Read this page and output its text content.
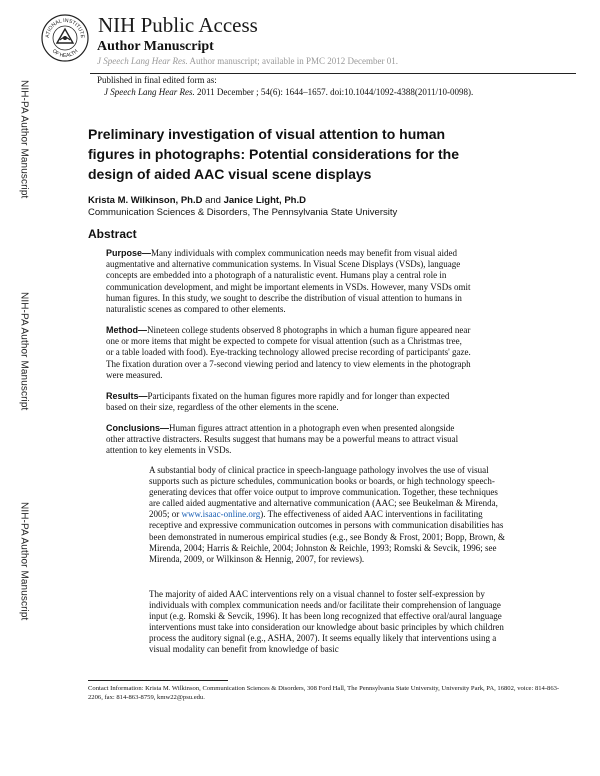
ATIONAL INSTITUTE
OF HEALTH
NIH Public Access
Author Manuscript
J Speech Lang Hear Res. Author manuscript; available in PMC 2012 December 01.
Published in final edited form as:
J Speech Lang Hear Res. 2011 December ; 54(6): 1644–1657. doi:10.1044/1092-4388(2011/10-0098).
NIH-PA Author Manuscript
NIH-PA Author Manuscript
NIH-PA Author Manuscript
Preliminary investigation of visual attention to human figures in photographs: Potential considerations for the design of aided AAC visual scene displays
Krista M. Wilkinson, Ph.D and Janice Light, Ph.D
Communication Sciences & Disorders, The Pennsylvania State University
Abstract
Purpose—Many individuals with complex communication needs may benefit from visual aided augmentative and alternative communication systems. In Visual Scene Displays (VSDs), language concepts are embedded into a photograph of a naturalistic event. Humans play a central role in communication development, and might be important elements in VSDs. However, many VSDs omit human figures. In this study, we sought to describe the distribution of visual attention to humans in naturalistic scenes as compared to other elements.
Method—Nineteen college students observed 8 photographs in which a human figure appeared near one or more items that might be expected to compete for visual attention (such as a Christmas tree, or a table loaded with food). Eye-tracking technology allowed precise recording of participants' gaze. The fixation duration over a 7-second viewing period and latency to view elements in the photograph were measured.
Results—Participants fixated on the human figures more rapidly and for longer than expected based on their size, regardless of the other elements in the scene.
Conclusions—Human figures attract attention in a photograph even when presented alongside other attractive distracters. Results suggest that humans may be a powerful means to attract visual attention to key elements in VSDs.
A substantial body of clinical practice in speech-language pathology involves the use of visual supports such as picture schedules, communication books or boards, or high technology speech-generating devices that offer voice output to improve communication. Together, these techniques are called aided augmentative and alternative communication (AAC; see Beukelman & Mirenda, 2005; or www.isaac-online.org). The effectiveness of aided AAC interventions in facilitating receptive and expressive communication outcomes in persons with communication disabilities has been demonstrated in numerous empirical studies (e.g., see Bondy & Frost, 2001; Bopp, Brown, & Mirenda, 2004; Harris & Reichle, 2004; Johnston & Reichle, 1993; Romski & Sevcik, 1996; see Mirenda, 2009, or Wilkinson & Hennig, 2007, for reviews).
The majority of aided AAC interventions rely on a visual channel to foster self-expression by individuals with complex communication needs and/or facilitate their comprehension of language input (e.g. Romski & Sevcik, 1996). It has been long recognized that effective oral/aural language interventions must take into consideration our knowledge about basic principles by which children process the auditory signal (e.g., ASHA, 2007). It seems equally likely that interventions using a visual modality can benefit from knowledge of basic
Contact Information: Krista M. Wilkinson, Communication Sciences & Disorders, 308 Ford Hall, The Pennsylvania State University, University Park, PA, 16802, voice: 814-863-2206, fax: 814-863-8759, kmw22@psu.edu.
